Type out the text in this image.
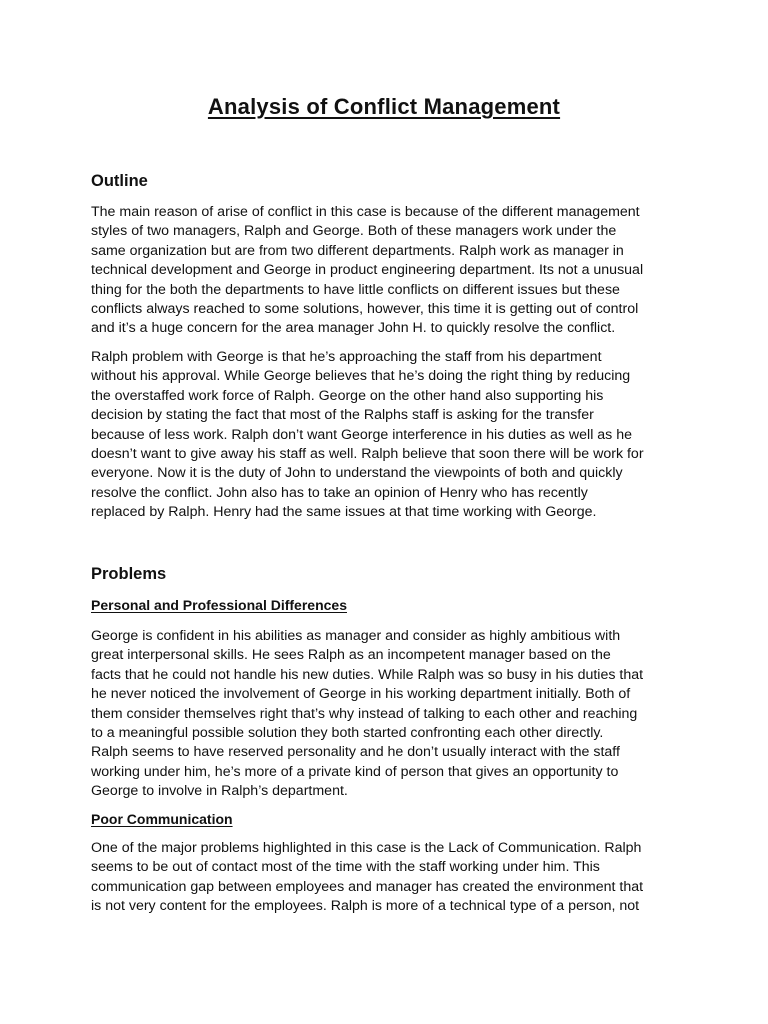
Analysis of Conflict Management
Outline

The main reason of arise of conflict in this case is because of the different management
styles of two managers, Ralph and George. Both of these managers work under the
same organization but are from two different departments. Ralph work as manager in
technical development and George in product engineering department. Its not a unusual
thing for the both the departments to have little conflicts on different issues but these
conflicts always reached to some solutions, however, this time it is getting out of control
and it’s a huge concern for the area manager John H. to quickly resolve the conflict.

Ralph problem with George is that he’s approaching the staff from his department
without his approval. While George believes that he’s doing the right thing by reducing
the overstaffed work force of Ralph. George on the other hand also supporting his
decision by stating the fact that most of the Ralphs staff is asking for the transfer
because of less work. Ralph don’t want George interference in his duties as well as he
doesn’t want to give away his staff as well. Ralph believe that soon there will be work for
everyone. Now it is the duty of John to understand the viewpoints of both and quickly
resolve the conflict. John also has to take an opinion of Henry who has recently
replaced by Ralph. Henry had the same issues at that time working with George.

Problems
Personal and Professional Differences

George is confident in his abilities as manager and consider as highly ambitious with
great interpersonal skills. He sees Ralph as an incompetent manager based on the
facts that he could not handle his new duties. While Ralph was so busy in his duties that
he never noticed the involvement of George in his working department initially. Both of
them consider themselves right that’s why instead of talking to each other and reaching
to a meaningful possible solution they both started confronting each other directly.
Ralph seems to have reserved personality and he don’t usually interact with the staff
working under him, he’s more of a private kind of person that gives an opportunity to
George to involve in Ralph’s department.

Poor Communication

One of the major problems highlighted in this case is the Lack of Communication. Ralph
seems to be out of contact most of the time with the staff working under him. This
communication gap between employees and manager has created the environment that
is not very content for the employees. Ralph is more of a technical type of a person, not
